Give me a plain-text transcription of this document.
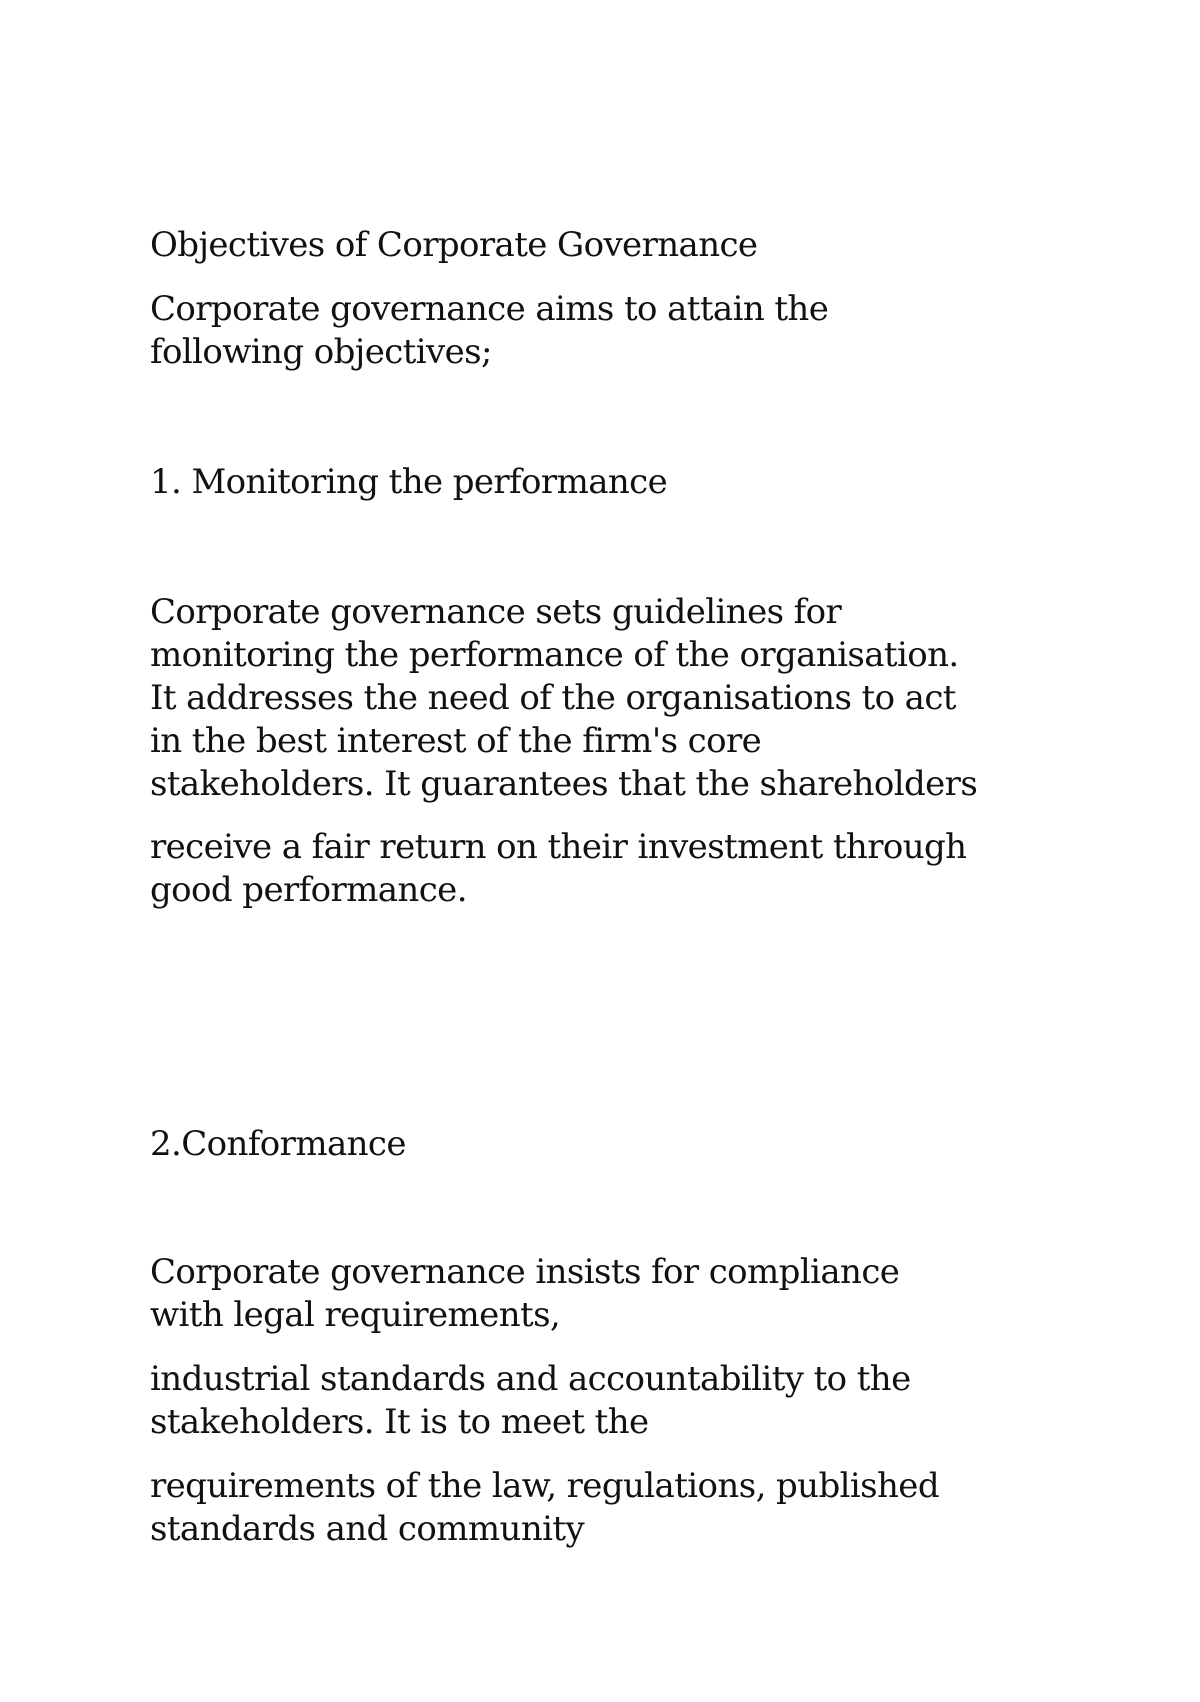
Objectives of Corporate Governance

Corporate governance aims to attain the

following objectives;

1. Monitoring the performance

Corporate governance sets guidelines for

monitoring the performance of the organisation.

It addresses the need of the organisations to act

in the best interest of the firm's core

stakeholders. It guarantees that the shareholders

receive a fair return on their investment through

good performance.

2.Conformance

Corporate governance insists for compliance

with legal requirements,

industrial standards and accountability to the

stakeholders. It is to meet the

requirements of the law, regulations, published

standards and community
